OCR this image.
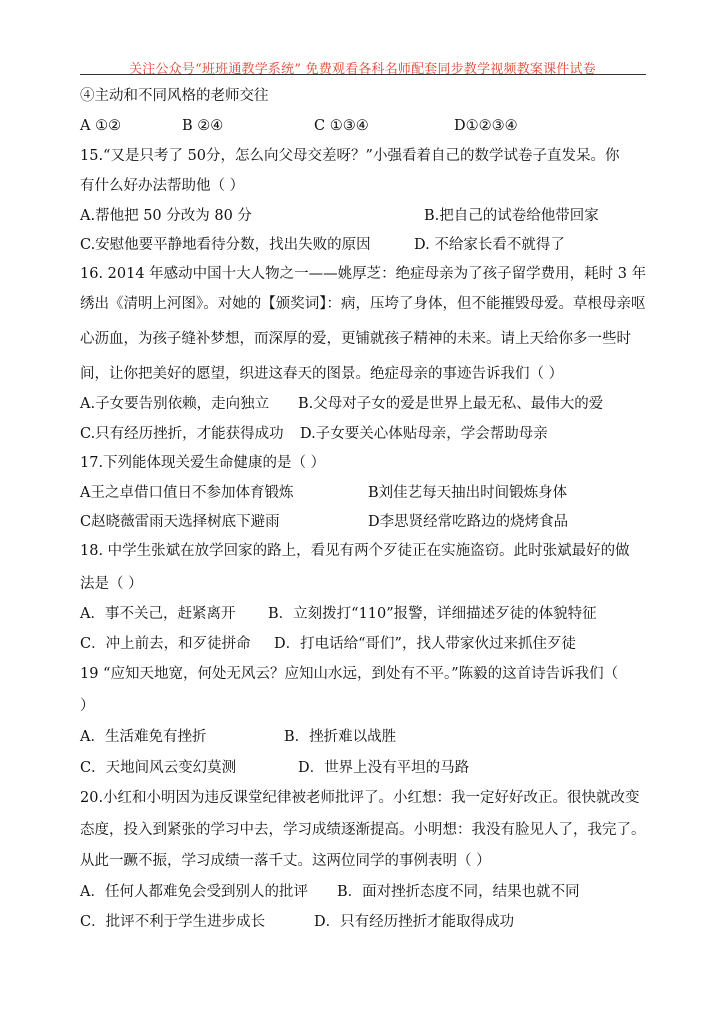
关注公众号“班班通教学系统” 免费观看各科名师配套同步教学视频教案课件试卷
④主动和不同风格的老师交往
A ①②	B ②④	C ①③④	D①②③④
15.“又是只考了 50分，怎么向父母交差呀？”小强看着自己的数学试卷子直发呆。你
有什么好办法帮助他（ ）
A.帮他把 50 分改为 80 分	B.把自己的试卷给他带回家
C.安慰他要平静地看待分数，找出失败的原因	D. 不给家长看不就得了
16. 2014 年感动中国十大人物之一——姚厚芝：绝症母亲为了孩子留学费用，耗时 3 年
绣出《清明上河图》。对她的【颁奖词】：病，压垮了身体，但不能摧毁母爱。草根母亲呕
心沥血，为孩子缝补梦想，而深厚的爱，更铺就孩子精神的未来。请上天给你多一些时
间，让你把美好的愿望，织进这春天的图景。绝症母亲的事迹告诉我们（ ）
A.子女要告别依赖，走向独立 B.父母对子女的爱是世界上最无私、最伟大的爱
C.只有经历挫折，才能获得成功 D.子女要关心体贴母亲，学会帮助母亲
17.下列能体现关爱生命健康的是（ ）
A王之卓借口值日不参加体育锻炼	B刘佳艺每天抽出时间锻炼身体
C赵晓薇雷雨天选择树底下避雨	D李思贤经常吃路边的烧烤食品
18. 中学生张斌在放学回家的路上，看见有两个歹徒正在实施盗窃。此时张斌最好的做
法是（ ）
A．事不关己，赶紧离开 B．立刻拨打“110”报警，详细描述歹徒的体貌特征
C．冲上前去，和歹徒拼命 D．打电话给“哥们”，找人带家伙过来抓住歹徒
19 “应知天地宽，何处无风云？应知山水远，到处有不平。”陈毅的这首诗告诉我们（
）
A．生活难免有挫折	B．挫折难以战胜
C．天地间风云变幻莫测	D．世界上没有平坦的马路
20.小红和小明因为违反课堂纪律被老师批评了。小红想：我一定好好改正。很快就改变
态度，投入到紧张的学习中去，学习成绩逐渐提高。小明想：我没有脸见人了，我完了。
从此一蹶不振，学习成绩一落千丈。这两位同学的事例表明（ ）
A．任何人都难免会受到别人的批评 B．面对挫折态度不同，结果也就不同
C．批评不利于学生进步成长	D．只有经历挫折才能取得成功
